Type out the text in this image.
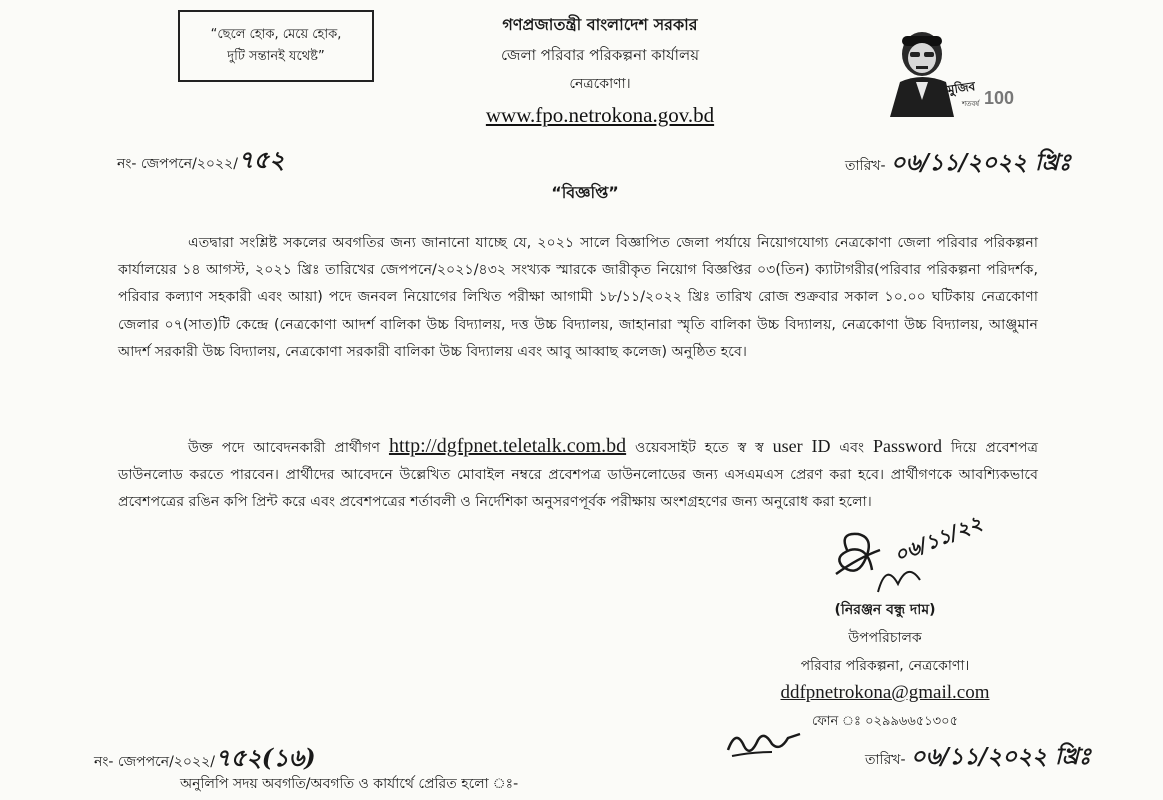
“ছেলে হোক, মেয়ে হোক,
দুটি সন্তানই যথেষ্ট”
গণপ্রজাতন্ত্রী বাংলাদেশ সরকার
জেলা পরিবার পরিকল্পনা কার্যালয়
নেত্রকোণা।
www.fpo.netrokona.gov.bd
মুজিব
শতবর্ষ 100
নং- জেপপনে/২০২২/৭৫২	তারিখ- ০৬/১১/২০২২ খ্রিঃ
“বিজ্ঞপ্তি”

এতদ্বারা সংশ্লিষ্ট সকলের অবগতির জন্য জানানো যাচ্ছে যে, ২০২১ সালে বিজ্ঞাপিত জেলা পর্যায়ে নিয়োগযোগ্য নেত্রকোণা জেলা পরিবার পরিকল্পনা কার্যালয়ের ১৪ আগস্ট, ২০২১ খ্রিঃ তারিখের জেপপনে/২০২১/৪৩২ সংখ্যক স্মারকে জারীকৃত নিয়োগ বিজ্ঞপ্তির ০৩(তিন) ক্যাটাগরীর(পরিবার পরিকল্পনা পরিদর্শক, পরিবার কল্যাণ সহকারী এবং আয়া) পদে জনবল নিয়োগের লিখিত পরীক্ষা আগামী ১৮/১১/২০২২ খ্রিঃ তারিখ রোজ শুক্রবার সকাল ১০.০০ ঘটিকায় নেত্রকোণা জেলার ০৭(সাত)টি কেন্দ্রে (নেত্রকোণা আদর্শ বালিকা উচ্চ বিদ্যালয়, দত্ত উচ্চ বিদ্যালয়, জাহানারা স্মৃতি বালিকা উচ্চ বিদ্যালয়, নেত্রকোণা উচ্চ বিদ্যালয়, আঞ্জুমান আদর্শ সরকারী উচ্চ বিদ্যালয়, নেত্রকোণা সরকারী বালিকা উচ্চ বিদ্যালয় এবং আবু আব্বাছ কলেজ) অনুষ্ঠিত হবে।

উক্ত পদে আবেদনকারী প্রার্থীগণ http://dgfpnet.teletalk.com.bd ওয়েবসাইট হতে স্ব স্ব user ID এবং Password দিয়ে প্রবেশপত্র ডাউনলোড করতে পারবেন। প্রার্থীদের আবেদনে উল্লেখিত মোবাইল নম্বরে প্রবেশপত্র ডাউনলোডের জন্য এসএমএস প্রেরণ করা হবে। প্রার্থীগণকে আবশ্যিকভাবে প্রবেশপত্রের রঙিন কপি প্রিন্ট করে এবং প্রবেশপত্রের শর্তাবলী ও নির্দেশিকা অনুসরণপূর্বক পরীক্ষায় অংশগ্রহণের জন্য অনুরোধ করা হলো।

০৬/১১/২২
(নিরঞ্জন বন্ধু দাম)
উপপরিচালক
পরিবার পরিকল্পনা, নেত্রকোণা।
ddfpnetrokona@gmail.com
ফোন ঃ ০২৯৯৬৬৫১৩০৫
নং- জেপপনে/২০২২/৭৫২(১৬)	তারিখ- ০৬/১১/২০২২ খ্রিঃ
অনুলিপি সদয় অবগতি/অবগতি ও কার্যার্থে প্রেরিত হলো ঃ-
